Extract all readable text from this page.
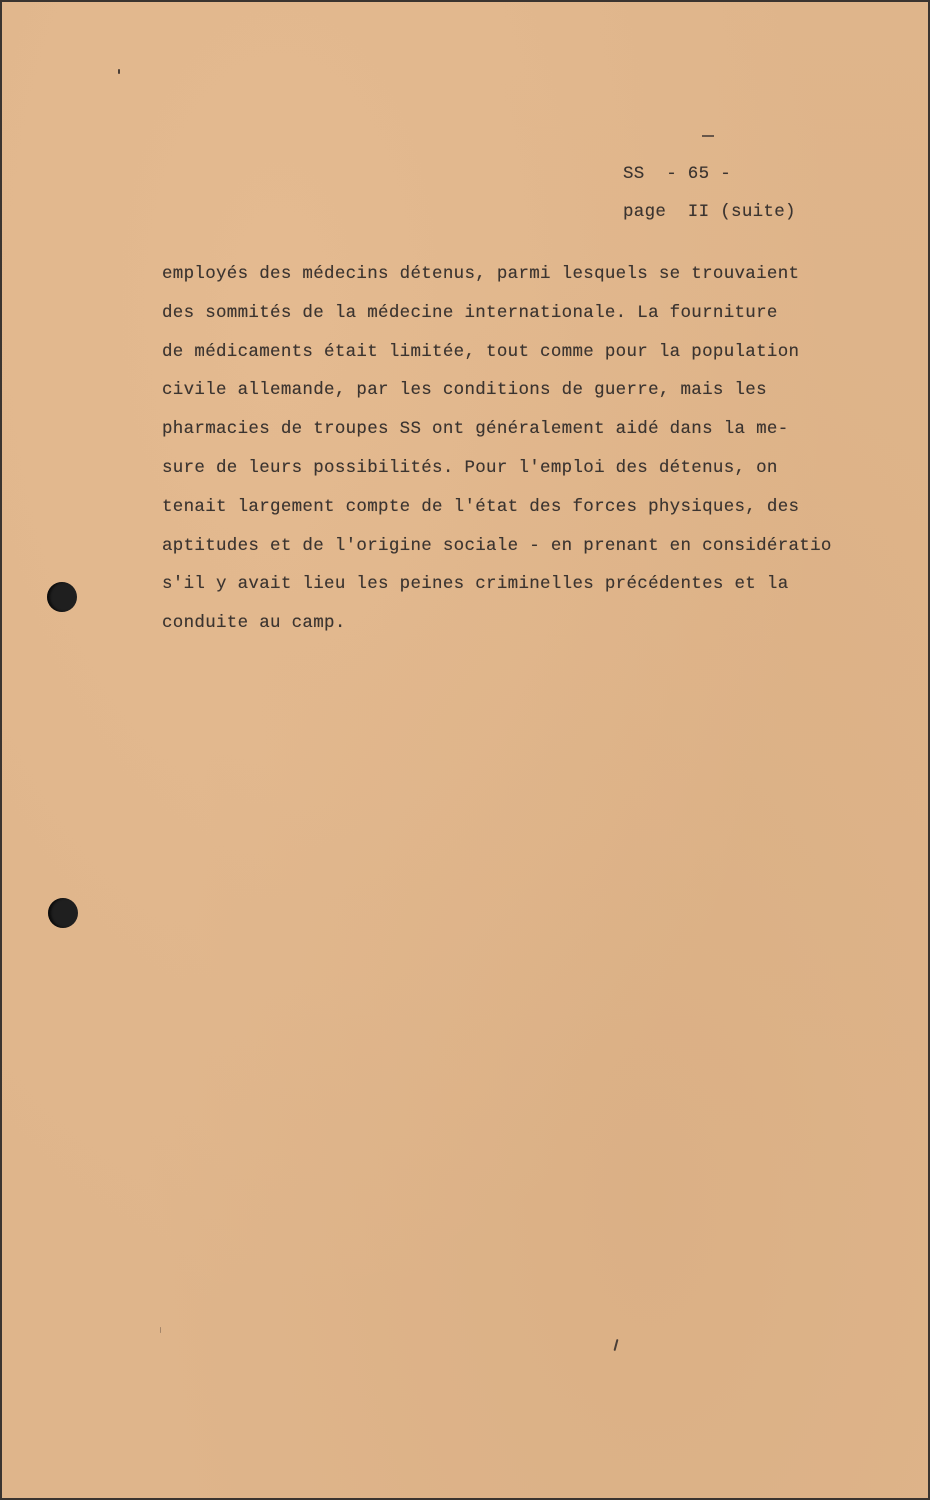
SS  - 65 -
page  II (suite)
employés des médecins détenus, parmi lesquels se trouvaient
des sommités de la médecine internationale. La fourniture
de médicaments était limitée, tout comme pour la population
civile allemande, par les conditions de guerre, mais les
pharmacies de troupes SS ont généralement aidé dans la me-
sure de leurs possibilités. Pour l'emploi des détenus, on
tenait largement compte de l'état des forces physiques, des
aptitudes et de l'origine sociale - en prenant en considératio
s'il y avait lieu les peines criminelles précédentes et la
conduite au camp.
